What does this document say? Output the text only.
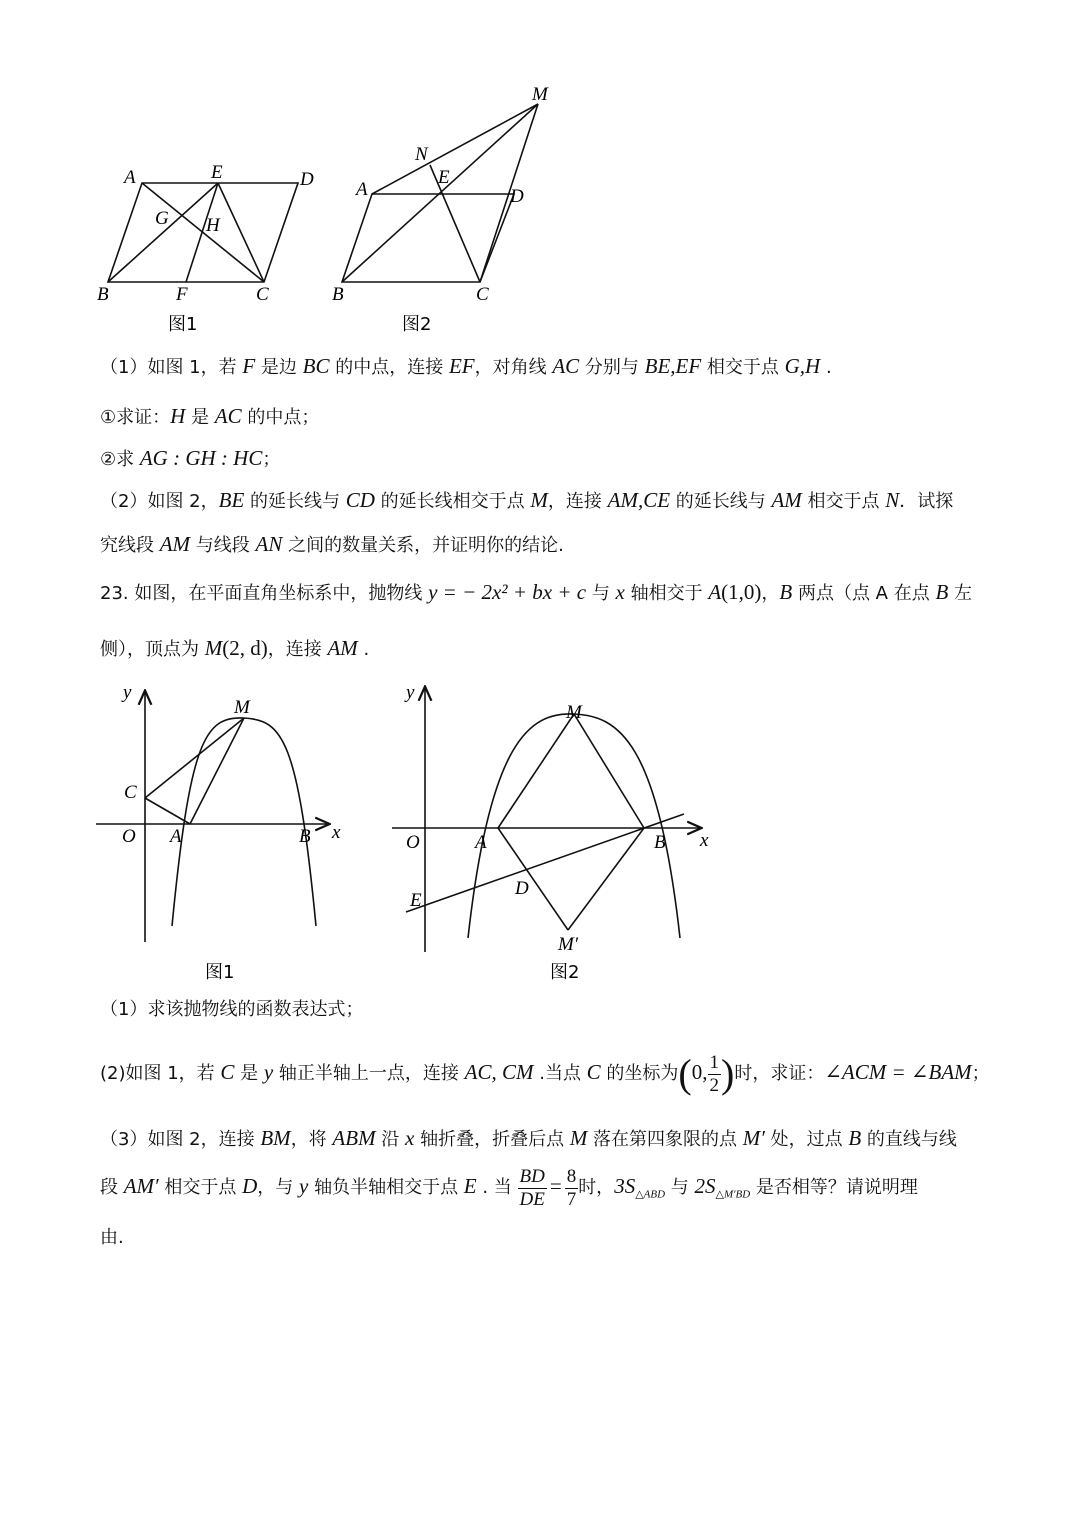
A	E	D
G H
B	F	C
M
N
A
E
D
B	C
图1	图2
（1）如图 1，若 F 是边 BC 的中点，连接 EF，对角线 AC 分别与 BE,EF 相交于点 G,H .
①求证：H 是 AC 的中点；
②求 AG : GH : HC；
（2）如图 2，BE 的延长线与 CD 的延长线相交于点 M，连接 AM,CE 的延长线与 AM 相交于点 N．试探
究线段 AM 与线段 AN 之间的数量关系，并证明你的结论.
23. 如图，在平面直角坐标系中，抛物线 y = − 2x² + bx + c 与 x 轴相交于 A(1,0)，B 两点（点 A 在点 B 左
侧），顶点为 M(2, d)，连接 AM .
y
M
C
O A	B x
y
M
O	A	B x
E
D
M′
图1	图2
（1）求该抛物线的函数表达式；
(2)如图 1，若 C 是 y 轴正半轴上一点，连接 AC, CM .当点 C 的坐标为(0, $\frac{1}{2}$ )时，求证：∠ACM = ∠BAM；
（3）如图 2，连接 BM，将 ABM 沿 x 轴折叠，折叠后点 M 落在第四象限的点 M′ 处，过点 B 的直线与线
段 AM′ 相交于点 D，与 y 轴负半轴相交于点 E . 当 $\frac{BD}{DE} = \frac{8}{7}$ 时，$3S_{\triangle ABD}$ 与 $2S_{\triangle M'BD}$ 是否相等？请说明理
由.
